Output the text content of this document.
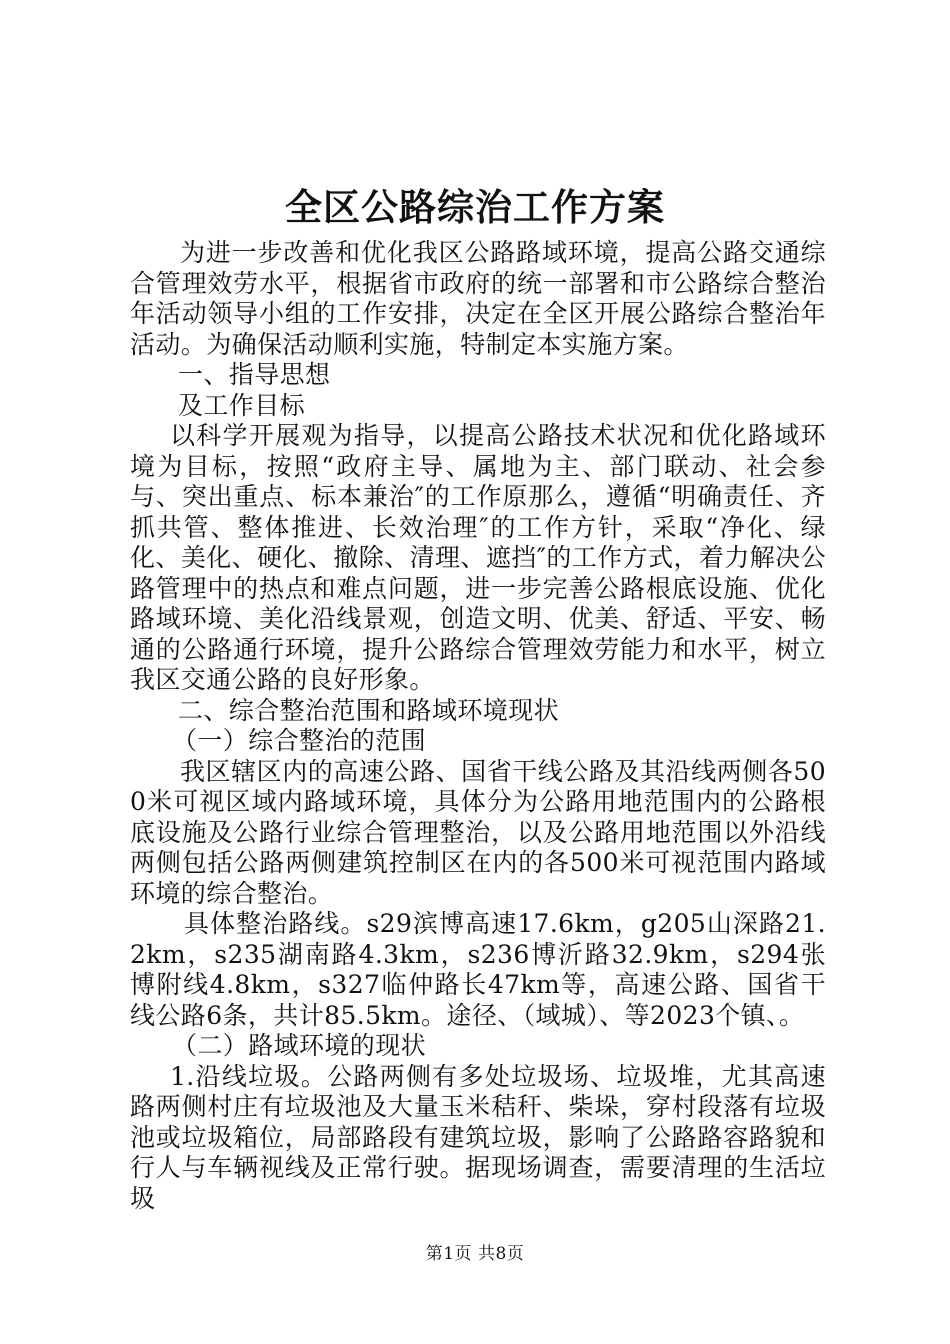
全区公路综治工作方案

为进一步改善和优化我区公路路域环境，提高公路交通综合管理效劳水平，根据省市政府的统一部署和市公路综合整治年活动领导小组的工作安排，决定在全区开展公路综合整治年活动。为确保活动顺利实施，特制定本实施方案。

一、指导思想

及工作目标

以科学开展观为指导，以提高公路技术状况和优化路域环境为目标，按照“政府主导、属地为主、部门联动、社会参与、突出重点、标本兼治″的工作原那么，遵循“明确责任、齐抓共管、整体推进、长效治理″的工作方针，采取“净化、绿化、美化、硬化、撤除、清理、遮挡″的工作方式，着力解决公路管理中的热点和难点问题，进一步完善公路根底设施、优化路域环境、美化沿线景观，创造文明、优美、舒适、平安、畅通的公路通行环境，提升公路综合管理效劳能力和水平，树立我区交通公路的良好形象。

二、综合整治范围和路域环境现状

（一）综合整治的范围

我区辖区内的高速公路、国省干线公路及其沿线两侧各500米可视区域内路域环境，具体分为公路用地范围内的公路根底设施及公路行业综合管理整治，以及公路用地范围以外沿线两侧包括公路两侧建筑控制区在内的各500米可视范围内路域环境的综合整治。

具体整治路线。s29滨博高速17.6km，g205山深路21.2km，s235湖南路4.3km，s236博沂路32.9km，s294张博附线4.8km，s327临仲路长47km等，高速公路、国省干线公路6条，共计85.5km。途径、（域城）、等2023个镇、。

（二）路域环境的现状

1.沿线垃圾。公路两侧有多处垃圾场、垃圾堆，尤其高速路两侧村庄有垃圾池及大量玉米秸秆、柴垛，穿村段落有垃圾池或垃圾箱位，局部路段有建筑垃圾，影响了公路路容路貌和行人与车辆视线及正常行驶。据现场调查，需要清理的生活垃圾

第1页 共8页
